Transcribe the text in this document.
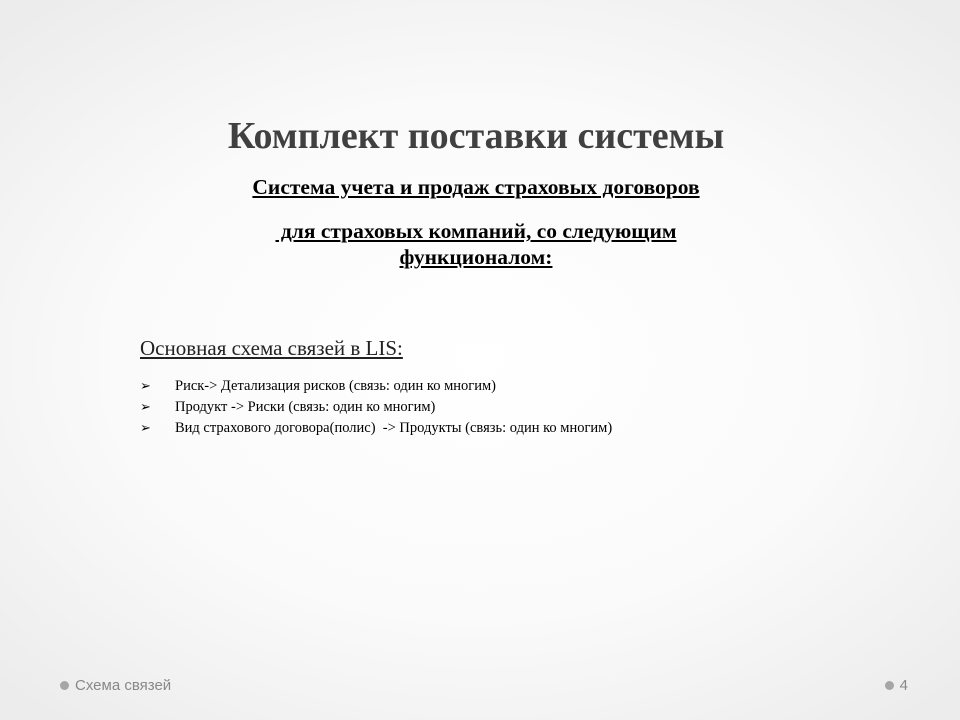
Комплект поставки системы

Система учета и продаж страховых договоров

для страховых компаний, со следующим

функционалом:

Основная схема связей в LIS:

➢	Риск-> Детализация рисков (связь: один ко многим)
➢	Продукт -> Риски (связь: один ко многим)
➢	Вид страхового договора(полис)  -> Продукты (связь: один ко многим)
Схема связей	4
